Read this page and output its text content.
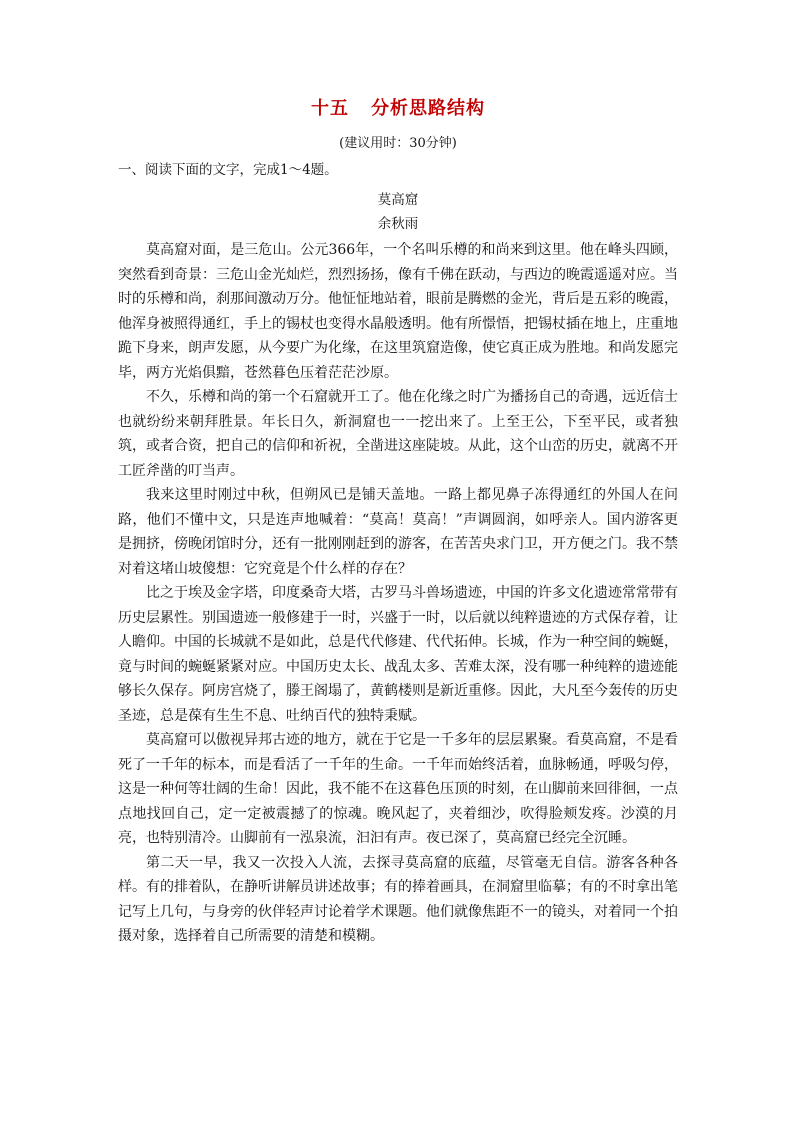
十五 分析思路结构
(建议用时：30分钟)
一、阅读下面的文字，完成1～4题。
莫高窟
余秋雨

莫高窟对面，是三危山。公元366年，一个名叫乐樽的和尚来到这里。他在峰头四顾，突然看到奇景：三危山金光灿烂，烈烈扬扬，像有千佛在跃动，与西边的晚霞遥遥对应。当时的乐樽和尚，刹那间激动万分。他怔怔地站着，眼前是腾燃的金光，背后是五彩的晚霞，他浑身被照得通红，手上的锡杖也变得水晶般透明。他有所憬悟，把锡杖插在地上，庄重地跪下身来，朗声发愿，从今要广为化缘，在这里筑窟造像，使它真正成为胜地。和尚发愿完毕，两方光焰俱黯，苍然暮色压着茫茫沙原。

不久，乐樽和尚的第一个石窟就开工了。他在化缘之时广为播扬自己的奇遇，远近信士也就纷纷来朝拜胜景。年长日久，新洞窟也一一挖出来了。上至王公，下至平民，或者独筑，或者合资，把自己的信仰和祈祝，全凿进这座陡坡。从此，这个山峦的历史，就离不开工匠斧凿的叮当声。

我来这里时刚过中秋，但朔风已是铺天盖地。一路上都见鼻子冻得通红的外国人在问路，他们不懂中文，只是连声地喊着：“莫高！莫高！”声调圆润，如呼亲人。国内游客更是拥挤，傍晚闭馆时分，还有一批刚刚赶到的游客，在苦苦央求门卫，开方便之门。我不禁对着这堵山坡傻想：它究竟是个什么样的存在？

比之于埃及金字塔，印度桑奇大塔，古罗马斗兽场遗迹，中国的许多文化遗迹常常带有历史层累性。别国遗迹一般修建于一时，兴盛于一时，以后就以纯粹遗迹的方式保存着，让人瞻仰。中国的长城就不是如此，总是代代修建、代代拓伸。长城，作为一种空间的蜿蜒，竟与时间的蜿蜒紧紧对应。中国历史太长、战乱太多、苦难太深，没有哪一种纯粹的遗迹能够长久保存。阿房宫烧了，滕王阁塌了，黄鹤楼则是新近重修。因此，大凡至今轰传的历史圣迹，总是葆有生生不息、吐纳百代的独特秉赋。

莫高窟可以傲视异邦古迹的地方，就在于它是一千多年的层层累聚。看莫高窟，不是看死了一千年的标本，而是看活了一千年的生命。一千年而始终活着，血脉畅通，呼吸匀停，这是一种何等壮阔的生命！因此，我不能不在这暮色压顶的时刻，在山脚前来回徘徊，一点点地找回自己，定一定被震撼了的惊魂。晚风起了，夹着细沙，吹得脸颊发疼。沙漠的月亮，也特别清冷。山脚前有一泓泉流，汩汩有声。夜已深了，莫高窟已经完全沉睡。

第二天一早，我又一次投入人流，去探寻莫高窟的底蕴，尽管毫无自信。游客各种各样。有的排着队，在静听讲解员讲述故事；有的捧着画具，在洞窟里临摹；有的不时拿出笔记写上几句，与身旁的伙伴轻声讨论着学术课题。他们就像焦距不一的镜头，对着同一个拍摄对象，选择着自己所需要的清楚和模糊。
